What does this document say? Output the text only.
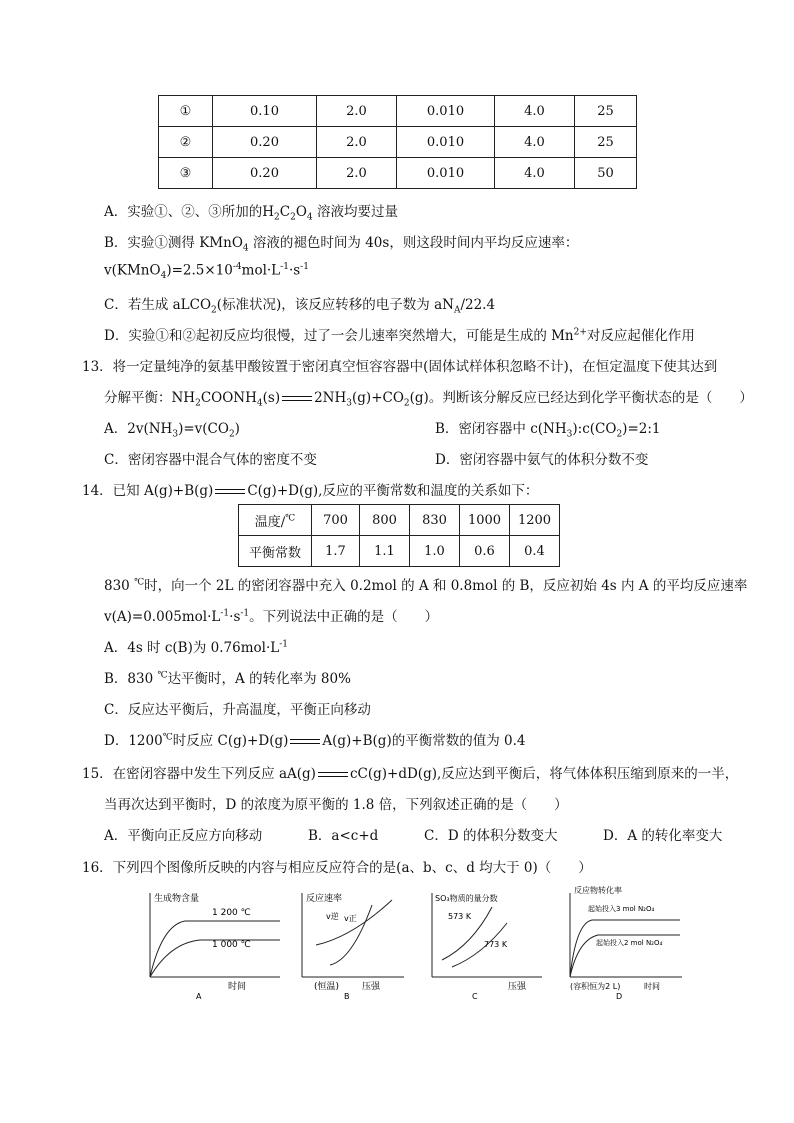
①	0.10	2.0	0.010	4.0	25
②	0.20	2.0	0.010	4.0	25
③	0.20	2.0	0.010	4.0	50
A．实验①、②、③所加的$H_2C_2O_4$ 溶液均要过量
B．实验①测得 KMnO$_4$ 溶液的褪色时间为 40s，则这段时间内平均反应速率：
$v(KMnO_4)=2.5\times 10^{-4}mol\cdot L^{-1}\cdot s^{-1}$
C．若生成 aLCO$_2$(标准状况)，该反应转移的电子数为 $aN_A/22.4$
D．实验①和②起初反应均很慢，过了一会儿速率突然增大，可能是生成的 $Mn^{2+}$对反应起催化作用
13．将一定量纯净的氨基甲酸铵置于密闭真空恒容容器中(固体试样体积忽略不计)，在恒定温度下使其达到
分解平衡：$NH_2COONH_4(s)$	$2NH_3(g)+CO_2(g)$。判断该分解反应已经达到化学平衡状态的是（　　）
A．$2v(NH_3)=v(CO_2)$	B．密闭容器中 $c(NH_3):c(CO_2)=2:1$
C．密闭容器中混合气体的密度不变	D．密闭容器中氨气的体积分数不变
14．已知 A(g)+B(g)	C(g)+D(g),反应的平衡常数和温度的关系如下：
温度/℃	700	800	830	1000	1200
平衡常数	1.7	1.1	1.0	0.6	0.4
830 ℃时，向一个 2L 的密闭容器中充入 0.2mol 的 A 和 0.8mol 的 B，反应初始 4s 内 A 的平均反应速率
$v(A)=0.005mol\cdot L^{-1}\cdot s^{-1}$。下列说法中正确的是（　　）
A．4s 时 c(B)为 $0.76mol\cdot L^{-1}$
B．830 ℃达平衡时，A 的转化率为 80%
C．反应达平衡后，升高温度，平衡正向移动
D．1200℃时反应 C(g)+D(g)	A(g)+B(g)的平衡常数的值为 0.4
15．在密闭容器中发生下列反应 aA(g)	cC(g)+dD(g),反应达到平衡后，将气体体积压缩到原来的一半，
当再次达到平衡时，D 的浓度为原平衡的 1.8 倍，下列叙述正确的是（　　）
A．平衡向正反应方向移动	B．a<c+d	C．D 的体积分数变大	D．A 的转化率变大
16．下列四个图像所反映的内容与相应反应符合的是(a、b、c、d 均大于 0)（　　）
生成物含量
1 200 ℃
1 000 ℃
时间
A
反应速率
v逆 v正
(恒温)	压强
B
SO₃物质的量分数
573 K
773 K
压强
C
反应物转化率
起始投入3 mol N₂O₄
起始投入2 mol N₂O₄
(容积恒为2 L)	时间
D
